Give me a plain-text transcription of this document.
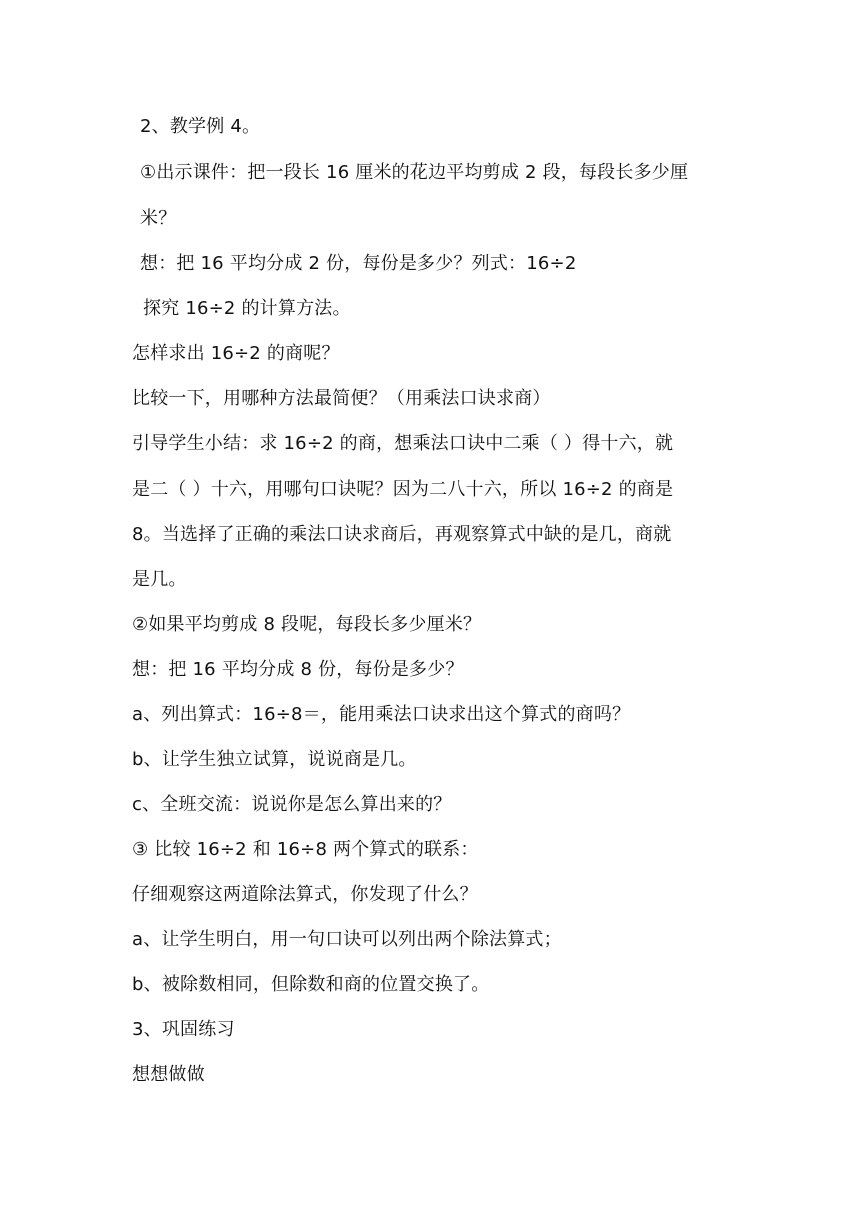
2、教学例 4。
①出示课件：把一段长 16 厘米的花边平均剪成 2 段，每段长多少厘
米？
想：把 16 平均分成 2 份，每份是多少？列式：16÷2
探究 16÷2 的计算方法。
怎样求出 16÷2 的商呢？
比较一下，用哪种方法最简便？（用乘法口诀求商）
引导学生小结：求 16÷2 的商，想乘法口诀中二乘（ ）得十六，就
是二（ ）十六，用哪句口诀呢？因为二八十六，所以 16÷2 的商是
8。当选择了正确的乘法口诀求商后，再观察算式中缺的是几，商就
是几。
②如果平均剪成 8 段呢，每段长多少厘米？
想：把 16 平均分成 8 份，每份是多少？
a、列出算式：16÷8＝，能用乘法口诀求出这个算式的商吗？
b、让学生独立试算，说说商是几。
c、全班交流：说说你是怎么算出来的？
③ 比较 16÷2 和 16÷8 两个算式的联系：
仔细观察这两道除法算式，你发现了什么？
a、让学生明白，用一句口诀可以列出两个除法算式；
b、被除数相同，但除数和商的位置交换了。
3、巩固练习
想想做做
